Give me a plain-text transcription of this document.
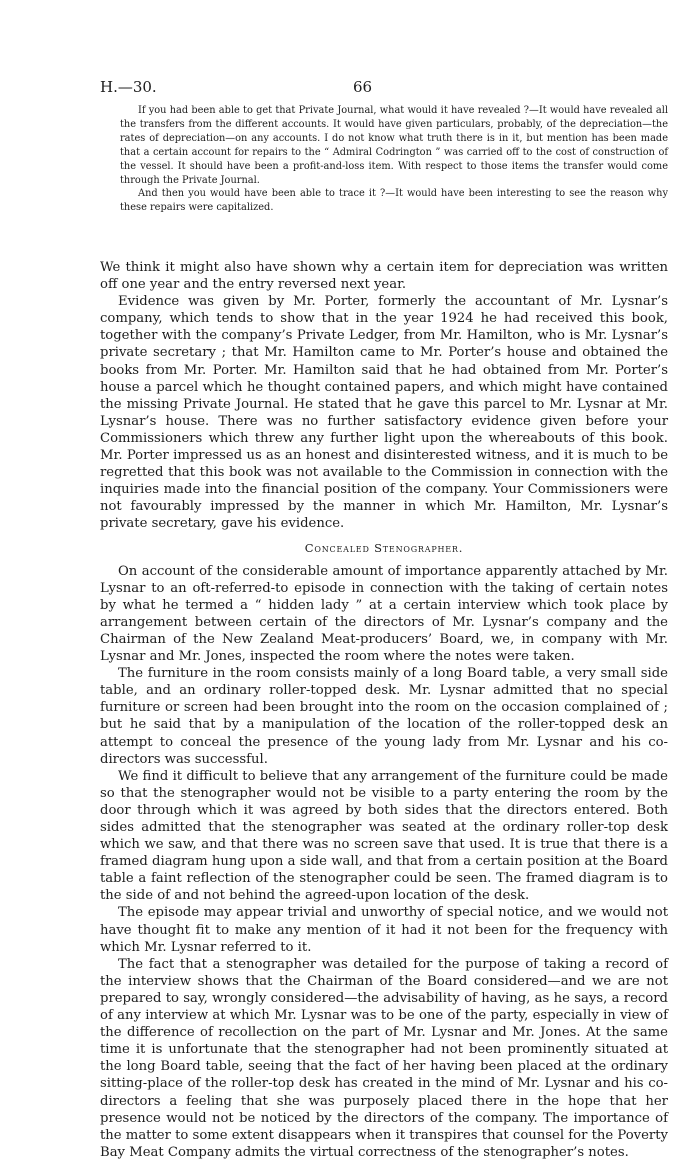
H.—30.	66

If you had been able to get that Private Journal, what would it have revealed ?—It would have revealed all the transfers from the different accounts. It would have given particulars, probably, of the depreciation—the rates of depreciation—on any accounts. I do not know what truth there is in it, but mention has been made that a certain account for repairs to the “ Admiral Codrington ” was carried off to the cost of construction of the vessel. It should have been a profit-and-loss item. With respect to those items the transfer would come through the Private Journal.

And then you would have been able to trace it ?—It would have been interesting to see the reason why these repairs were capitalized.

We think it might also have shown why a certain item for depreciation was written off one year and the entry reversed next year.

Evidence was given by Mr. Porter, formerly the accountant of Mr. Lysnar’s company, which tends to show that in the year 1924 he had received this book, together with the company’s Private Ledger, from Mr. Hamilton, who is Mr. Lysnar’s private secretary ; that Mr. Hamilton came to Mr. Porter’s house and obtained the books from Mr. Porter. Mr. Hamilton said that he had obtained from Mr. Porter’s house a parcel which he thought contained papers, and which might have contained the missing Private Journal. He stated that he gave this parcel to Mr. Lysnar at Mr. Lysnar’s house. There was no further satisfactory evidence given before your Commissioners which threw any further light upon the whereabouts of this book. Mr. Porter impressed us as an honest and disinterested witness, and it is much to be regretted that this book was not available to the Commission in connection with the inquiries made into the financial position of the company. Your Commissioners were not favourably impressed by the manner in which Mr. Hamilton, Mr. Lysnar’s private secretary, gave his evidence.

Concealed Stenographer.

On account of the considerable amount of importance apparently attached by Mr. Lysnar to an oft-referred-to episode in connection with the taking of certain notes by what he termed a “ hidden lady ” at a certain interview which took place by arrangement between certain of the directors of Mr. Lysnar’s company and the Chairman of the New Zealand Meat-producers’ Board, we, in company with Mr. Lysnar and Mr. Jones, inspected the room where the notes were taken.

The furniture in the room consists mainly of a long Board table, a very small side table, and an ordinary roller-topped desk. Mr. Lysnar admitted that no special furniture or screen had been brought into the room on the occasion complained of ; but he said that by a manipulation of the location of the roller-topped desk an attempt to conceal the presence of the young lady from Mr. Lysnar and his co-directors was successful.

We find it difficult to believe that any arrangement of the furniture could be made so that the stenographer would not be visible to a party entering the room by the door through which it was agreed by both sides that the directors entered. Both sides admitted that the stenographer was seated at the ordinary roller-top desk which we saw, and that there was no screen save that used. It is true that there is a framed diagram hung upon a side wall, and that from a certain position at the Board table a faint reflection of the stenographer could be seen. The framed diagram is to the side of and not behind the agreed-upon location of the desk.

The episode may appear trivial and unworthy of special notice, and we would not have thought fit to make any mention of it had it not been for the frequency with which Mr. Lysnar referred to it.

The fact that a stenographer was detailed for the purpose of taking a record of the interview shows that the Chairman of the Board considered—and we are not prepared to say, wrongly considered—the advisability of having, as he says, a record of any interview at which Mr. Lysnar was to be one of the party, especially in view of the difference of recollection on the part of Mr. Lysnar and Mr. Jones. At the same time it is unfortunate that the stenographer had not been prominently situated at the long Board table, seeing that the fact of her having been placed at the ordinary sitting-place of the roller-top desk has created in the mind of Mr. Lysnar and his co-directors a feeling that she was purposely placed there in the hope that her presence would not be noticed by the directors of the company. The importance of the matter to some extent disappears when it transpires that counsel for the Poverty Bay Meat Company admits the virtual correctness of the stenographer’s notes.
